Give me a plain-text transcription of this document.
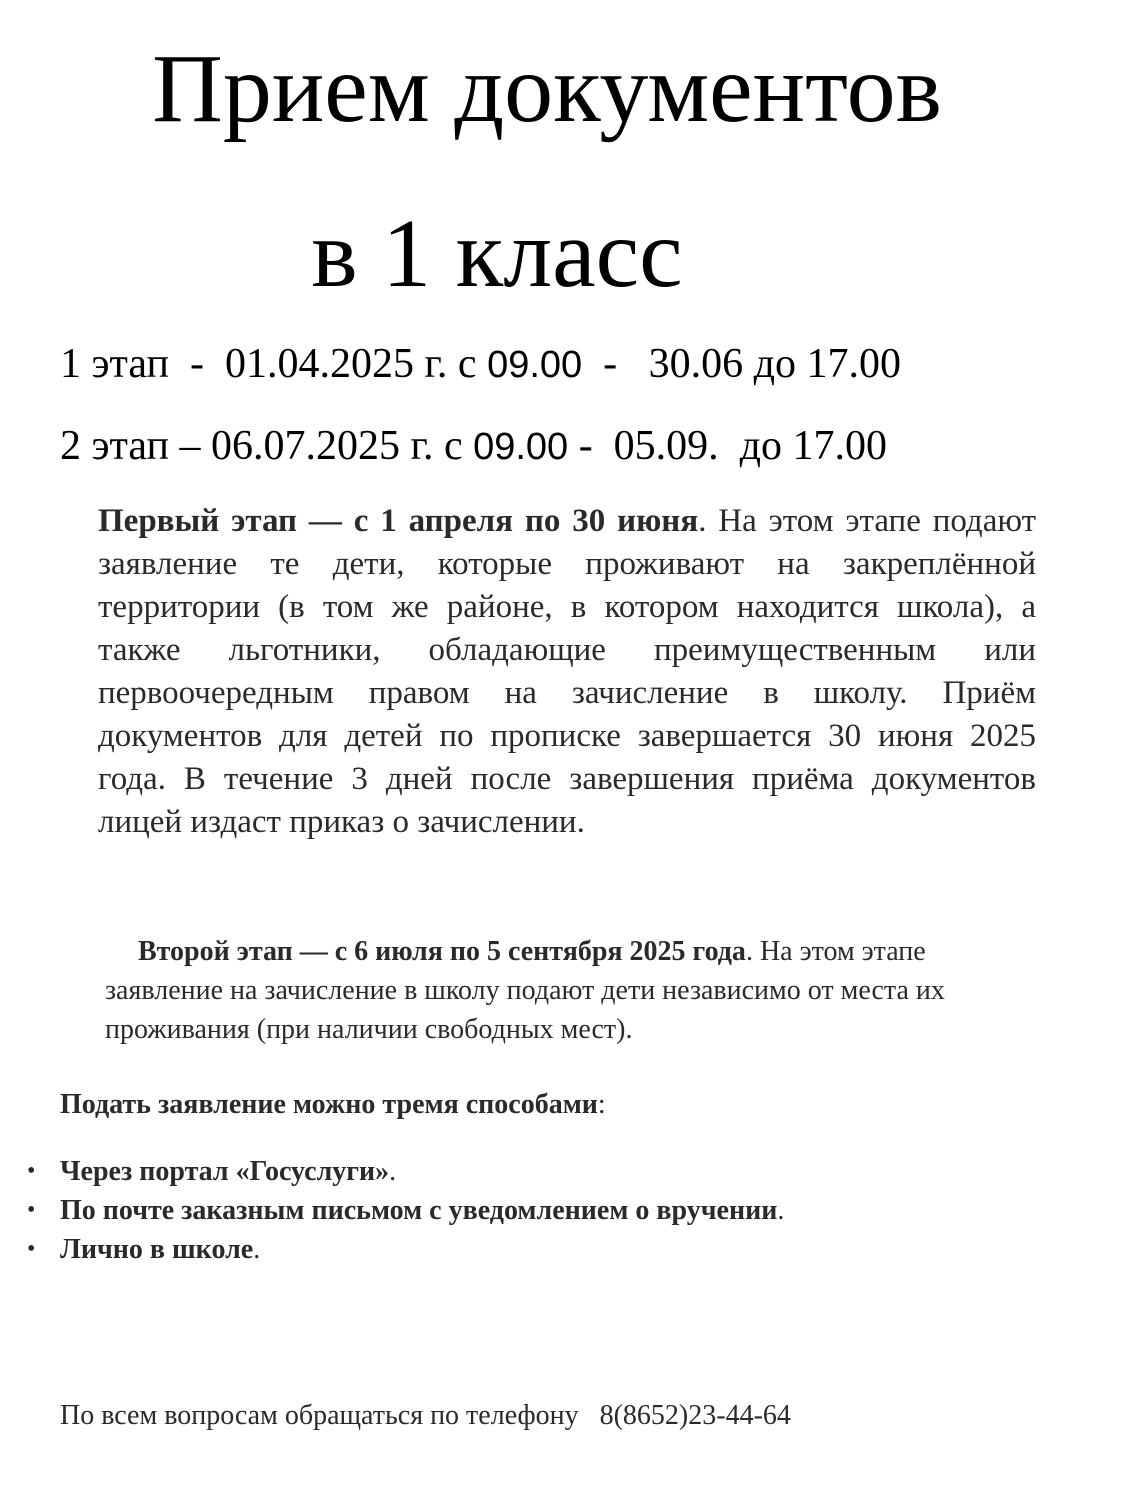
Прием документов
в 1 класс
1 этап  -  01.04.2025 г. с 09.00  -   30.06 до 17.00
2 этап – 06.07.2025 г. с 09.00 -  05.09.  до 17.00

Первый этап — с 1 апреля по 30 июня. На этом этапе подают заявление те дети, которые проживают на закреплённой территории (в том же районе, в котором находится школа), а также льготники, обладающие преимущественным или первоочередным правом на зачисление в школу. Приём документов для детей по прописке завершается 30 июня 2025 года. В течение 3 дней после завершения приёма документов лицей издаст приказ о зачислении.

Второй этап — с 6 июля по 5 сентября 2025 года. На этом этапе заявление на зачисление в школу подают дети независимо от места их проживания (при наличии свободных мест).

Подать заявление можно тремя способами:
• Через портал «Госуслуги».
• По почте заказным письмом с уведомлением о вручении.
• Лично в школе.
По всем вопросам обращаться по телефону   8(8652)23-44-64
